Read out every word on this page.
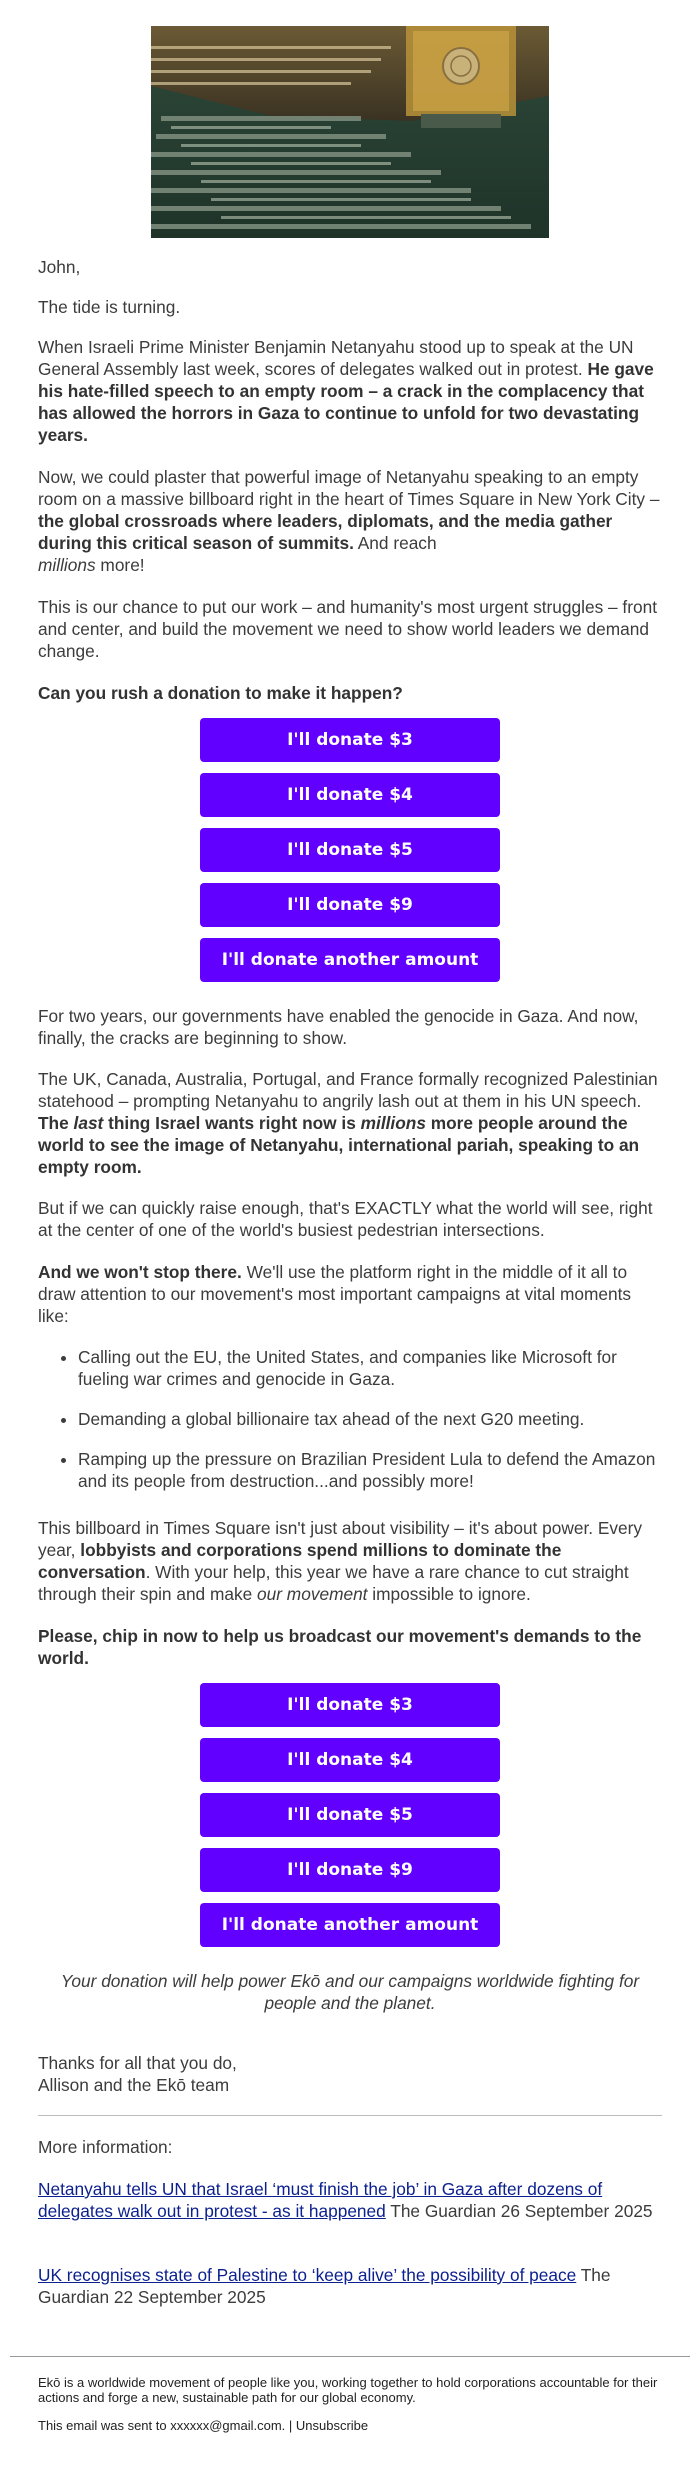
John,

The tide is turning.

When Israeli Prime Minister Benjamin Netanyahu stood up to speak at the UN General Assembly last week, scores of delegates walked out in protest. He gave his hate-filled speech to an empty room – a crack in the complacency that has allowed the horrors in Gaza to continue to unfold for two devastating years.

Now, we could plaster that powerful image of Netanyahu speaking to an empty room on a massive billboard right in the heart of Times Square in New York City – the global crossroads where leaders, diplomats, and the media gather during this critical season of summits. And reach
millions more!

This is our chance to put our work – and humanity's most urgent struggles – front and center, and build the movement we need to show world leaders we demand change.

Can you rush a donation to make it happen?

I'll donate $3
I'll donate $4
I'll donate $5
I'll donate $9
I'll donate another amount

For two years, our governments have enabled the genocide in Gaza. And now, finally, the cracks are beginning to show.

The UK, Canada, Australia, Portugal, and France formally recognized Palestinian statehood – prompting Netanyahu to angrily lash out at them in his UN speech. The last thing Israel wants right now is millions more people around the world to see the image of Netanyahu, international pariah, speaking to an empty room.

But if we can quickly raise enough, that's EXACTLY what the world will see, right at the center of one of the world's busiest pedestrian intersections.

And we won't stop there. We'll use the platform right in the middle of it all to draw attention to our movement's most important campaigns at vital moments like:

• Calling out the EU, the United States, and companies like Microsoft for fueling war crimes and genocide in Gaza.
• Demanding a global billionaire tax ahead of the next G20 meeting.
• Ramping up the pressure on Brazilian President Lula to defend the Amazon and its people from destruction...and possibly more!

This billboard in Times Square isn't just about visibility – it's about power. Every year, lobbyists and corporations spend millions to dominate the conversation. With your help, this year we have a rare chance to cut straight through their spin and make our movement impossible to ignore.

Please, chip in now to help us broadcast our movement's demands to the world.

I'll donate $3
I'll donate $4
I'll donate $5
I'll donate $9
I'll donate another amount

Your donation will help power Ekō and our campaigns worldwide fighting for people and the planet.

Thanks for all that you do,

Allison and the Ekō team

More information:

Netanyahu tells UN that Israel ‘must finish the job’ in Gaza after dozens of delegates walk out in protest - as it happened The Guardian 26 September 2025

UK recognises state of Palestine to ‘keep alive’ the possibility of peace The Guardian 22 September 2025

Ekō is a worldwide movement of people like you, working together to hold corporations accountable for their actions and forge a new, sustainable path for our global economy.
This email was sent to xxxxxx@gmail.com. | Unsubscribe
